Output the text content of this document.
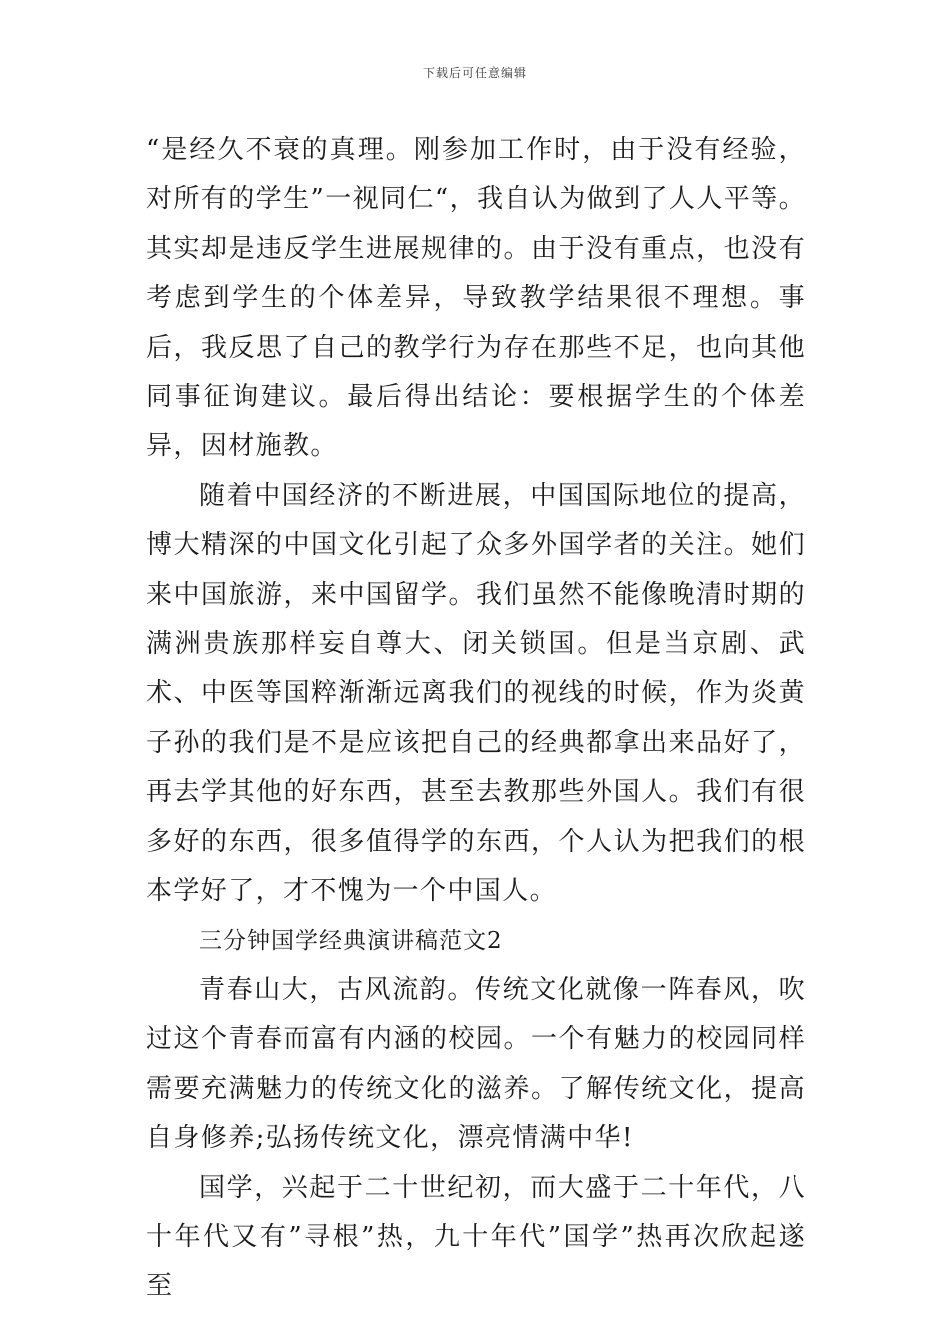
下载后可任意编辑

“是经久不衰的真理。刚参加工作时，由于没有经验，对所有的学生”一视同仁“，我自认为做到了人人平等。其实却是违反学生进展规律的。由于没有重点，也没有考虑到学生的个体差异，导致教学结果很不理想。事后，我反思了自己的教学行为存在那些不足，也向其他同事征询建议。最后得出结论：要根据学生的个体差异，因材施教。

随着中国经济的不断进展，中国国际地位的提高，博大精深的中国文化引起了众多外国学者的关注。她们来中国旅游，来中国留学。我们虽然不能像晚清时期的满洲贵族那样妄自尊大、闭关锁国。但是当京剧、武术、中医等国粹渐渐远离我们的视线的时候，作为炎黄子孙的我们是不是应该把自己的经典都拿出来品好了，再去学其他的好东西，甚至去教那些外国人。我们有很多好的东西，很多值得学的东西，个人认为把我们的根本学好了，才不愧为一个中国人。

三分钟国学经典演讲稿范文2

青春山大，古风流韵。传统文化就像一阵春风，吹过这个青春而富有内涵的校园。一个有魅力的校园同样需要充满魅力的传统文化的滋养。了解传统文化，提高自身修养;弘扬传统文化，漂亮情满中华!

国学，兴起于二十世纪初，而大盛于二十年代，八十年代又有”寻根”热，九十年代”国学”热再次欣起遂至
